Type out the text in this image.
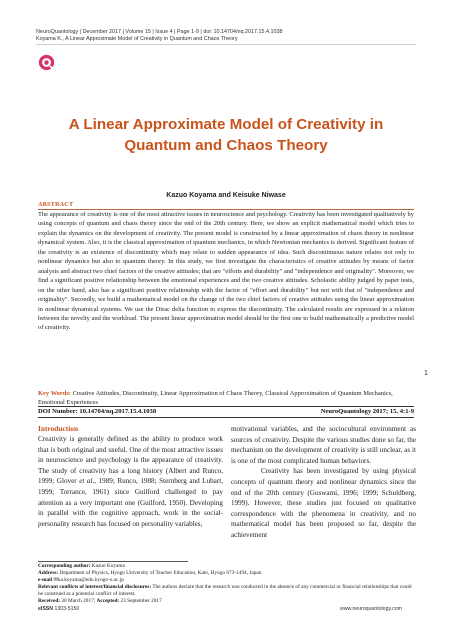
NeuroQuantology | December 2017 | Volume 15 | Issue 4 | Page 1-9 | doi: 10.14704/nq.2017.15.4.1038
Koyama K., A Linear Approximate Model of Creativity in Quantum and Chaos Theory
A Linear Approximate Model of Creativity in Quantum and Chaos Theory
Kazuo Koyama and Keisuke Niwase
ABSTRACT
The appearance of creativity is one of the most attractive issues in neuroscience and psychology. Creativity has been investigated qualitatively by using concepts of quantum and chaos theory since the end of the 20th century. Here, we show an explicit mathematical model which tries to explain the dynamics on the development of creativity. The present model is constructed by a linear approximation of chaos theory in nonlinear dynamical system. Also, it is the classical approximation of quantum mechanics, in which Newtonian mechanics is derived. Significant feature of the creativity is an existence of discontinuity which may relate to sudden appearance of idea. Such discontinuous nature relates not only to nonlinear dynamics but also to quantum theory. In this study, we first investigate the characteristics of creative attitudes by means of factor analysis and abstract two chief factors of the creative attitudes; that are "efforts and durability" and "independence and originality". Moreover, we find a significant positive relationship between the emotional experiences and the two creative attitudes. Scholastic ability judged by paper tests, on the other hand, also has a significant positive relationship with the factor of "effort and durability" but not with that of "independence and originality". Secondly, we build a mathematical model on the change of the two chief factors of creative attitudes using the linear approximation in nonlinear dynamical systems. We use the Dirac delta function to express the discontinuity. The calculated results are expressed in a relation between the novelty and the workload. The present linear approximation model should be the first one to build mathematically a predictive model of creativity.
1
Key Words: Creative Attitudes, Discontinuity, Linear Approximation of Chaos Theory, Classical Approximation of Quantum Mechanics, Emotional Experiences
DOI Number: 10.14704/nq.2017.15.4.1038	NeuroQuantology 2017; 15, 4:1-9
Introduction
Creativity is generally defined as the ability to produce work that is both original and useful. One of the most attractive issues in neuroscience and psychology is the appearance of creativity. The study of creativity has a long history (Albert and Runco, 1999; Glover et al., 1989; Runco, 1988; Sternberg and Lubart, 1999; Torrance, 1961) since Guilford challenged to pay attention as a very important one (Guilford, 1950). Developing in parallel with the cognitive approach, work in the social-personality research has focused on personality variables,
motivational variables, and the sociocultural environment as sources of creativity. Despite the various studies done so far, the mechanism on the development of creativity is still unclear, as it is one of the most complicated human behaviors.
Creativity has been investigated by using physical concepts of quantum theory and nonlinear dynamics since the end of the 20th century (Goswami, 1996; 1999; Schuldberg, 1999). However, these studies just focused on qualitative correspondence with the phenomena in creativity, and no mathematical model has been proposed so far, despite the achievement
Corresponding author: Kazuo Koyama
Address: Department of Physics, Hyogo University of Teacher Education, Kato, Hyogo 673-1494, Japan
e-mail ✉ka.koyama@edu.hyogo-u.ac.jp
Relevant conflicts of interest/financial disclosures: The authors declare that the research was conducted in the absence of any commercial or financial relationships that could be construed as a potential conflict of interest.
Received: 30 March 2017; Accepted: 23 September 2017
eISSN 1303-5150	www.neuroquantology.com
